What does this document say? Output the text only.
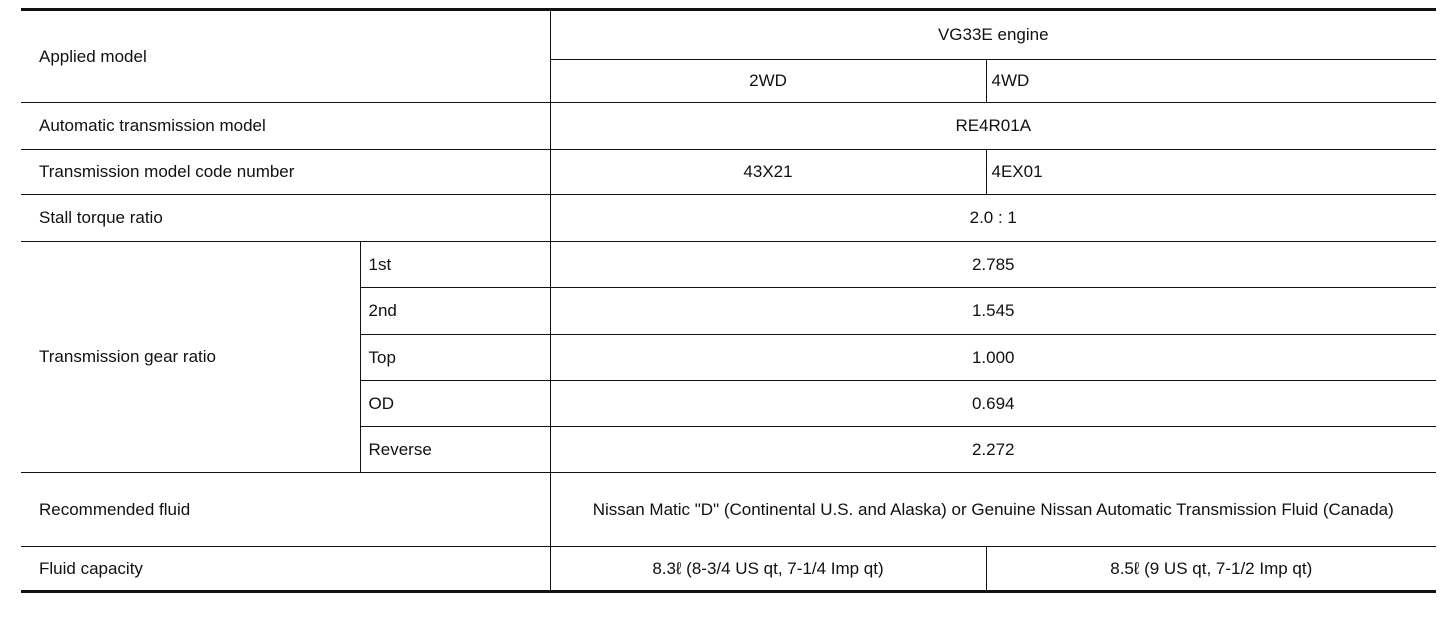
Applied model		VG33E engine	
		2WD	4WD
Automatic transmission model		RE4R01A	
Transmission model code number		43X21	4EX01
Stall torque ratio		2.0 : 1	
Transmission gear ratio	1st	2.785	
	2nd	1.545	
	Top	1.000	
	OD	0.694	
	Reverse	2.272	
Recommended fluid		Nissan Matic "D" (Continental U.S. and Alaska) or Genuine Nissan Automatic Transmission Fluid (Canada)	
Fluid capacity		8.3ℓ (8-3/4 US qt, 7-1/4 Imp qt)	8.5ℓ (9 US qt, 7-1/2 Imp qt)
